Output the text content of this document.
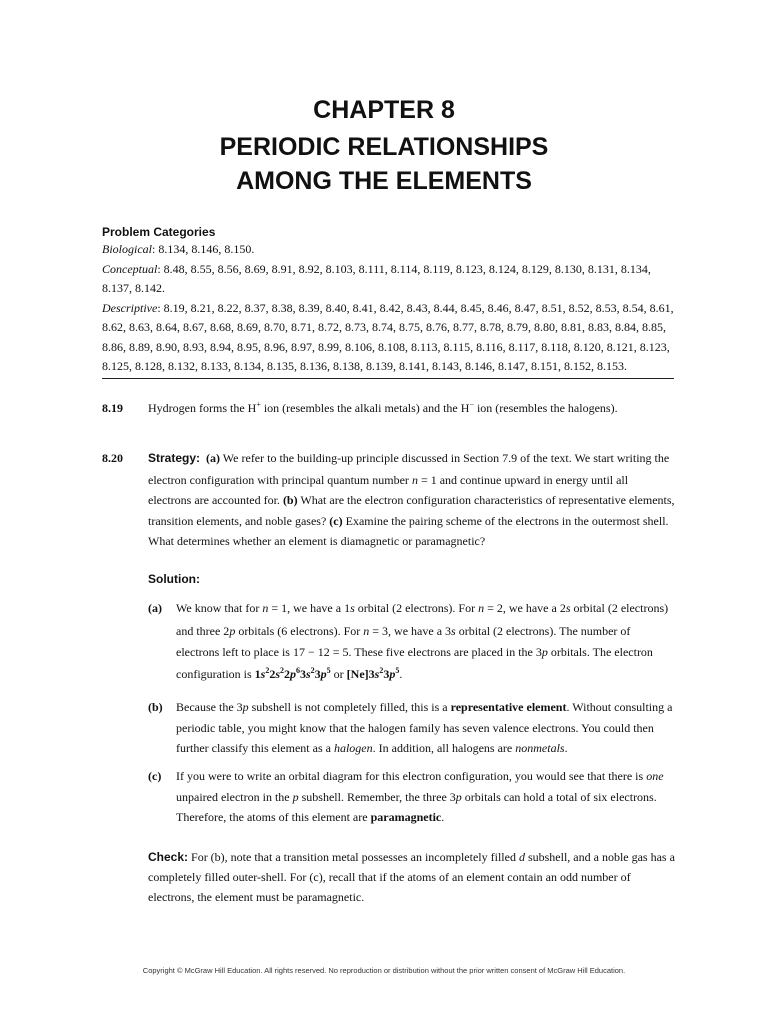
CHAPTER 8
PERIODIC RELATIONSHIPS
AMONG THE ELEMENTS
Problem Categories
Biological: 8.134, 8.146, 8.150.
Conceptual: 8.48, 8.55, 8.56, 8.69, 8.91, 8.92, 8.103, 8.111, 8.114, 8.119, 8.123, 8.124, 8.129, 8.130, 8.131, 8.134,
8.137, 8.142.
Descriptive: 8.19, 8.21, 8.22, 8.37, 8.38, 8.39, 8.40, 8.41, 8.42, 8.43, 8.44, 8.45, 8.46, 8.47, 8.51, 8.52, 8.53, 8.54, 8.61,
8.62, 8.63, 8.64, 8.67, 8.68, 8.69, 8.70, 8.71, 8.72, 8.73, 8.74, 8.75, 8.76, 8.77, 8.78, 8.79, 8.80, 8.81, 8.83, 8.84, 8.85,
8.86, 8.89, 8.90, 8.93, 8.94, 8.95, 8.96, 8.97, 8.99, 8.106, 8.108, 8.113, 8.115, 8.116, 8.117, 8.118, 8.120, 8.121, 8.123,
8.125, 8.128, 8.132, 8.133, 8.134, 8.135, 8.136, 8.138, 8.139, 8.141, 8.143, 8.146, 8.147, 8.151, 8.152, 8.153.
8.19 Hydrogen forms the H+ ion (resembles the alkali metals) and the H− ion (resembles the halogens).
8.20 Strategy: (a) We refer to the building-up principle discussed in Section 7.9 of the text. We start writing the
electron configuration with principal quantum number n = 1 and continue upward in energy until all
electrons are accounted for. (b) What are the electron configuration characteristics of representative elements,
transition elements, and noble gases? (c) Examine the pairing scheme of the electrons in the outermost shell.
What determines whether an element is diamagnetic or paramagnetic?
Solution:
(a) We know that for n = 1, we have a 1s orbital (2 electrons). For n = 2, we have a 2s orbital (2 electrons)
and three 2p orbitals (6 electrons). For n = 3, we have a 3s orbital (2 electrons). The number of
electrons left to place is 17 − 12 = 5. These five electrons are placed in the 3p orbitals. The electron
configuration is $1s^22s^22p^63s^23p^5$ or $[Ne]3s^23p^5$.
(b) Because the 3p subshell is not completely filled, this is a representative element. Without consulting a
periodic table, you might know that the halogen family has seven valence electrons. You could then
further classify this element as a halogen. In addition, all halogens are nonmetals.
(c) If you were to write an orbital diagram for this electron configuration, you would see that there is one
unpaired electron in the p subshell. Remember, the three 3p orbitals can hold a total of six electrons.
Therefore, the atoms of this element are paramagnetic.
Check: For (b), note that a transition metal possesses an incompletely filled d subshell, and a noble gas has a
completely filled outer-shell. For (c), recall that if the atoms of an element contain an odd number of
electrons, the element must be paramagnetic.
Copyright © McGraw Hill Education. All rights reserved. No reproduction or distribution without the prior written consent of McGraw Hill Education.
